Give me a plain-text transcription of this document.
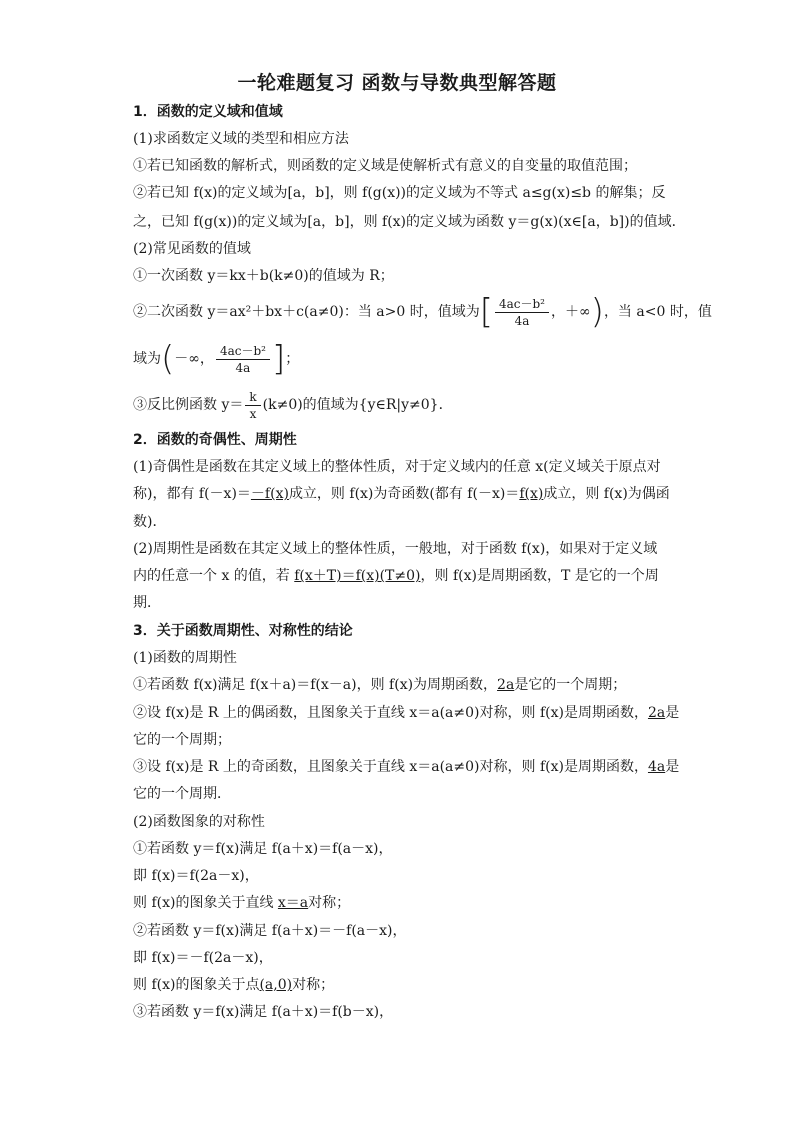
一轮难题复习 函数与导数典型解答题
1．函数的定义域和值域
(1)求函数定义域的类型和相应方法
①若已知函数的解析式，则函数的定义域是使解析式有意义的自变量的取值范围；
②若已知 f(x)的定义域为[a，b]，则 f(g(x))的定义域为不等式 a≤g(x)≤b 的解集；反
之，已知 f(g(x))的定义域为[a，b]，则 f(x)的定义域为函数 y＝g(x)(x∈[a，b])的值域．
(2)常见函数的值域
①一次函数 y＝kx＋b(k≠0)的值域为 R；
②二次函数 y＝ax²＋bx＋c(a≠0)：当 a>0 时，值域为[ $\frac{\text{4ac－b²}}{4a}$ ，＋∞)，当 a<0 时，值
域为(－∞， $\frac{\text{4ac－b²}}{4a}$ ]；
③反比例函数 $y= \frac{k}{x} (k\ne 0)$的值域为{y∈R|y≠0}．
2．函数的奇偶性、周期性
(1)奇偶性是函数在其定义域上的整体性质，对于定义域内的任意 x(定义域关于原点对
称)，都有 f(－x)＝－f(x)成立，则 f(x)为奇函数(都有 f(－x)＝f(x)成立，则 f(x)为偶函
数)．
(2)周期性是函数在其定义域上的整体性质，一般地，对于函数 f(x)，如果对于定义域
内的任意一个 x 的值，若 f(x＋T)＝f(x)(T≠0)，则 f(x)是周期函数，T 是它的一个周
期．
3．关于函数周期性、对称性的结论
(1)函数的周期性
①若函数 f(x)满足 f(x＋a)＝f(x－a)，则 f(x)为周期函数，2a是它的一个周期；
②设 f(x)是 R 上的偶函数，且图象关于直线 x＝a(a≠0)对称，则 f(x)是周期函数，2a是
它的一个周期；
③设 f(x)是 R 上的奇函数，且图象关于直线 x＝a(a≠0)对称，则 f(x)是周期函数，4a是
它的一个周期．
(2)函数图象的对称性
①若函数 y＝f(x)满足 f(a＋x)＝f(a－x)，
即 f(x)＝f(2a－x)，
则 f(x)的图象关于直线 x＝a对称；
②若函数 y＝f(x)满足 f(a＋x)＝－f(a－x)，
即 f(x)＝－f(2a－x)，
则 f(x)的图象关于点(a,0)对称；
③若函数 y＝f(x)满足 f(a＋x)＝f(b－x)，
